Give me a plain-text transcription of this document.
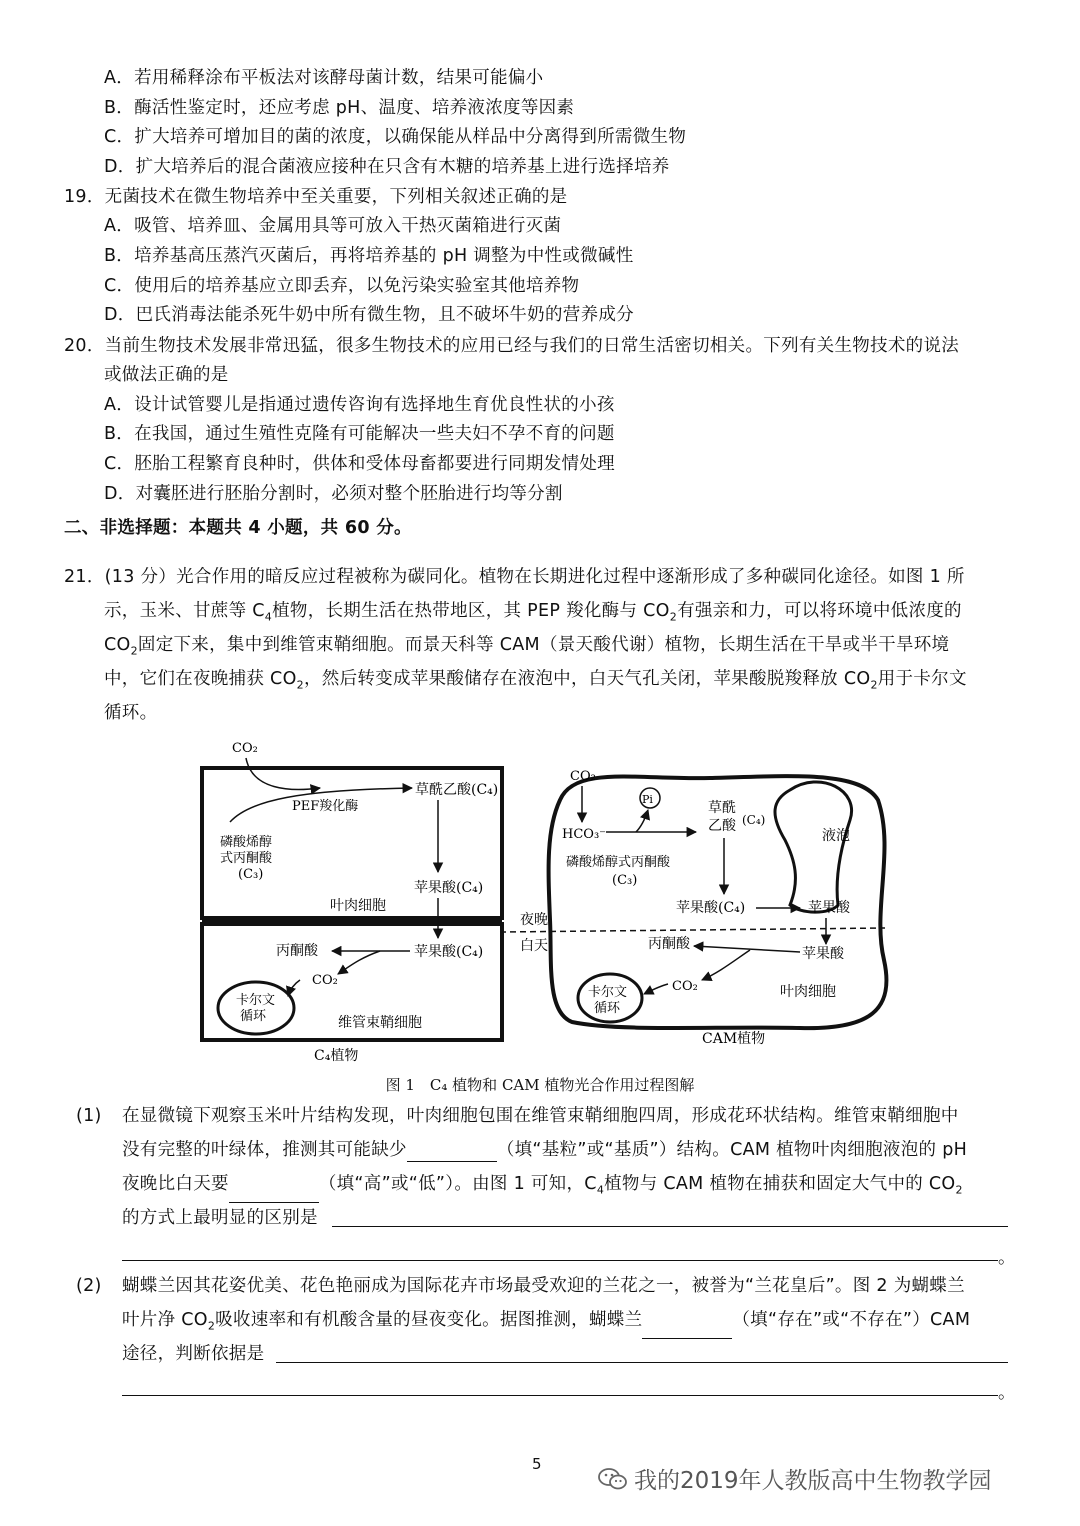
A．若用稀释涂布平板法对该酵母菌计数，结果可能偏小
B．酶活性鉴定时，还应考虑 pH、温度、培养液浓度等因素
C．扩大培养可增加目的菌的浓度，以确保能从样品中分离得到所需微生物
D．扩大培养后的混合菌液应接种在只含有木糖的培养基上进行选择培养
19．无菌技术在微生物培养中至关重要，下列相关叙述正确的是
A．吸管、培养皿、金属用具等可放入干热灭菌箱进行灭菌
B．培养基高压蒸汽灭菌后，再将培养基的 pH 调整为中性或微碱性
C．使用后的培养基应立即丢弃，以免污染实验室其他培养物
D．巴氏消毒法能杀死牛奶中所有微生物，且不破坏牛奶的营养成分
20．当前生物技术发展非常迅猛，很多生物技术的应用已经与我们的日常生活密切相关。下列有关生物技术的说法
或做法正确的是
A．设计试管婴儿是指通过遗传咨询有选择地生育优良性状的小孩
B．在我国，通过生殖性克隆有可能解决一些夫妇不孕不育的问题
C．胚胎工程繁育良种时，供体和受体母畜都要进行同期发情处理
D．对囊胚进行胚胎分割时，必须对整个胚胎进行均等分割
二、非选择题：本题共 4 小题，共 60 分。
21．(13 分）光合作用的暗反应过程被称为碳同化。植物在长期进化过程中逐渐形成了多种碳同化途径。如图 1 所
示，玉米、甘蔗等 $C_4$植物，长期生活在热带地区，其 PEP 羧化酶与 $CO_2$有强亲和力，可以将环境中低浓度的
$CO_2$固定下来，集中到维管束鞘细胞。而景天科等 CAM（景天酸代谢）植物，长期生活在干旱或半干旱环境
中，它们在夜晚捕获 $CO_2$，然后转变成苹果酸储存在液泡中，白天气孔关闭，苹果酸脱羧释放 $CO_2$用于卡尔文
循环。
CO₂
PEF羧化酶
草酰乙酸(C₄)
磷酸烯醇
式丙酮酸
(C₃)
苹果酸(C₄)
叶肉细胞
苹果酸(C₄)
丙酮酸
CO₂
卡尔文
循环	维管束鞘细胞
C₄植物
CO₂
HCO₃⁻
Pi
草酰
乙酸 (C₄)
液泡
磷酸烯醇式丙酮酸
(C₃)
苹果酸(C₄)	苹果酸
夜晚
白天	苹果酸
丙酮酸
CO₂
卡尔文
循环
叶肉细胞
CAM植物
图 1　C₄ 植物和 CAM 植物光合作用过程图解
(1) 在显微镜下观察玉米叶片结构发现，叶肉细胞包围在维管束鞘细胞四周，形成花环状结构。维管束鞘细胞中
没有完整的叶绿体，推测其可能缺少	（填“基粒”或“基质”）结构。CAM 植物叶肉细胞液泡的 pH
夜晚比白天要	（填“高”或“低”）。由图 1 可知，$C_4$植物与 CAM 植物在捕获和固定大气中的 $CO_2$
的方式上最明显的区别是
。
(2) 蝴蝶兰因其花姿优美、花色艳丽成为国际花卉市场最受欢迎的兰花之一，被誉为“兰花皇后”。图 2 为蝴蝶兰
叶片净 $CO_2$吸收速率和有机酸含量的昼夜变化。据图推测，蝴蝶兰	（填“存在”或“不存在”）CAM
途径，判断依据是
。
5
我的2019年人教版高中生物教学园
